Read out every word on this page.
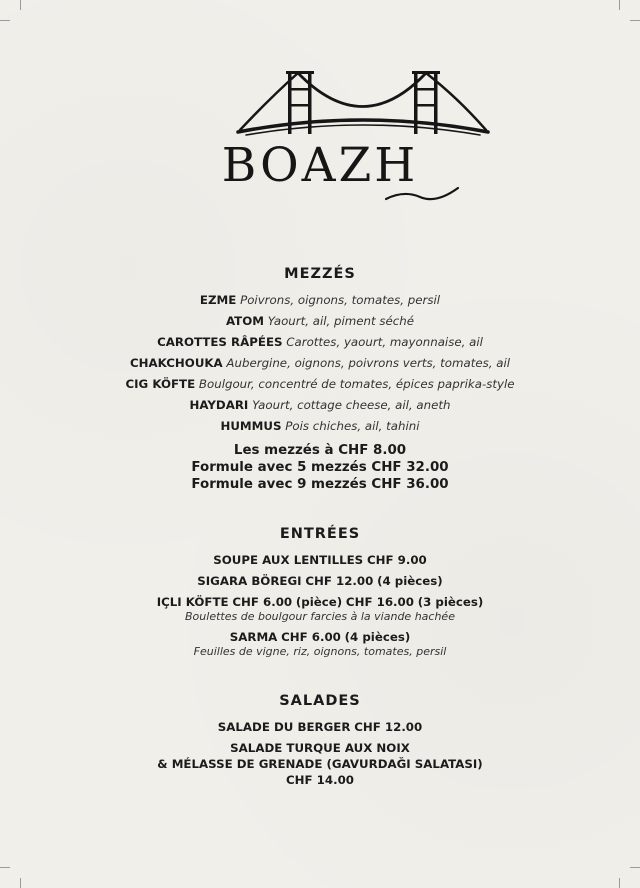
BOAZH
MEZZÉS
EZME Poivrons, oignons, tomates, persil
ATOM Yaourt, ail, piment séché
CAROTTES RÂPÉES Carottes, yaourt, mayonnaise, ail
CHAKCHOUKA Aubergine, oignons, poivrons verts, tomates, ail
CIG KÖFTE Boulgour, concentré de tomates, épices paprika-style
HAYDARI Yaourt, cottage cheese, ail, aneth
HUMMUS Pois chiches, ail, tahini
Les mezzés à CHF 8.00
Formule avec 5 mezzés CHF 32.00
Formule avec 9 mezzés CHF 36.00
ENTRÉES
SOUPE AUX LENTILLES CHF 9.00
SIGARA BÖREGI CHF 12.00 (4 pièces)
IÇLI KÖFTE CHF 6.00 (pièce) CHF 16.00 (3 pièces)
Boulettes de boulgour farcies à la viande hachée
SARMA CHF 6.00 (4 pièces)
Feuilles de vigne, riz, oignons, tomates, persil
SALADES
SALADE DU BERGER CHF 12.00
SALADE TURQUE AUX NOIX
& MÉLASSE DE GRENADE (GAVURDAĞI SALATASI)
CHF 14.00
